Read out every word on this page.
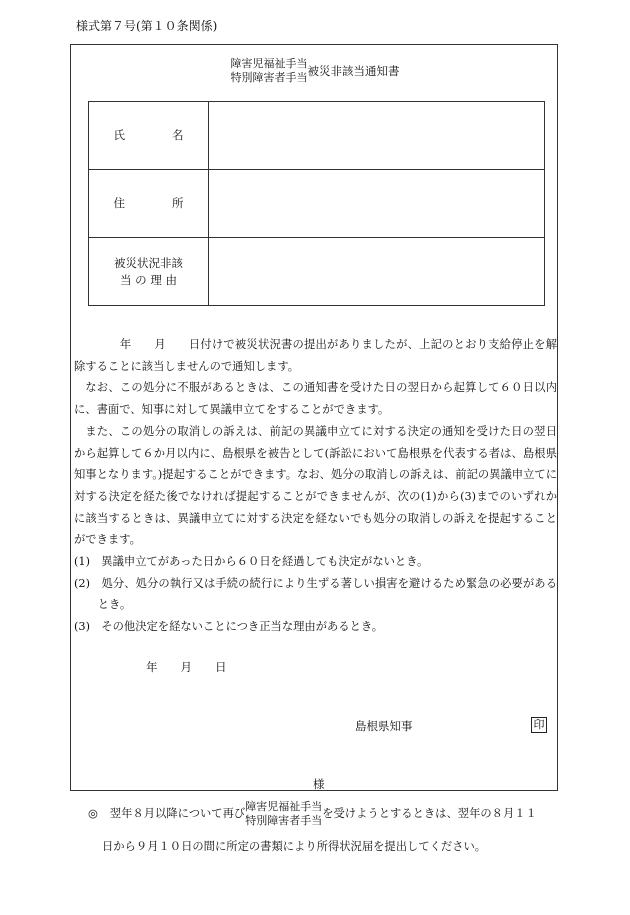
様式第７号(第１０条関係)
障害児福祉手当
特別障害者手当被災非該当通知書
氏　　名	
住　　所	
被災状況非該
当 の 理 由	

　　　年　　月　　日付けで被災状況書の提出がありましたが、上記のとおり支給停止を解除することに該当しませんので通知します。

なお、この処分に不服があるときは、この通知書を受けた日の翌日から起算して６０日以内に、書面で、知事に対して異議申立てをすることができます。

また、この処分の取消しの訴えは、前記の異議申立てに対する決定の通知を受けた日の翌日から起算して６か月以内に、島根県を被告として(訴訟において島根県を代表する者は、島根県知事となります。)提起することができます。なお、処分の取消しの訴えは、前記の異議申立てに対する決定を経た後でなければ提起することができませんが、次の(1)から(3)までのいずれかに該当するときは、異議申立てに対する決定を経ないでも処分の取消しの訴えを提起することができます。

(1)　異議申立てがあった日から６０日を経過しても決定がないとき。

(2)　処分、処分の執行又は手続の続行により生ずる著しい損害を避けるため緊急の必要があるとき。

(3)　その他決定を経ないことにつき正当な理由があるとき。

年　　月　　日
島根県知事	印
様
◎ 翌年８月以降について再び障害児福祉手当
特別障害者手当を受けようとするときは、翌年の８月１１
日から９月１０日の間に所定の書類により所得状況届を提出してください。
